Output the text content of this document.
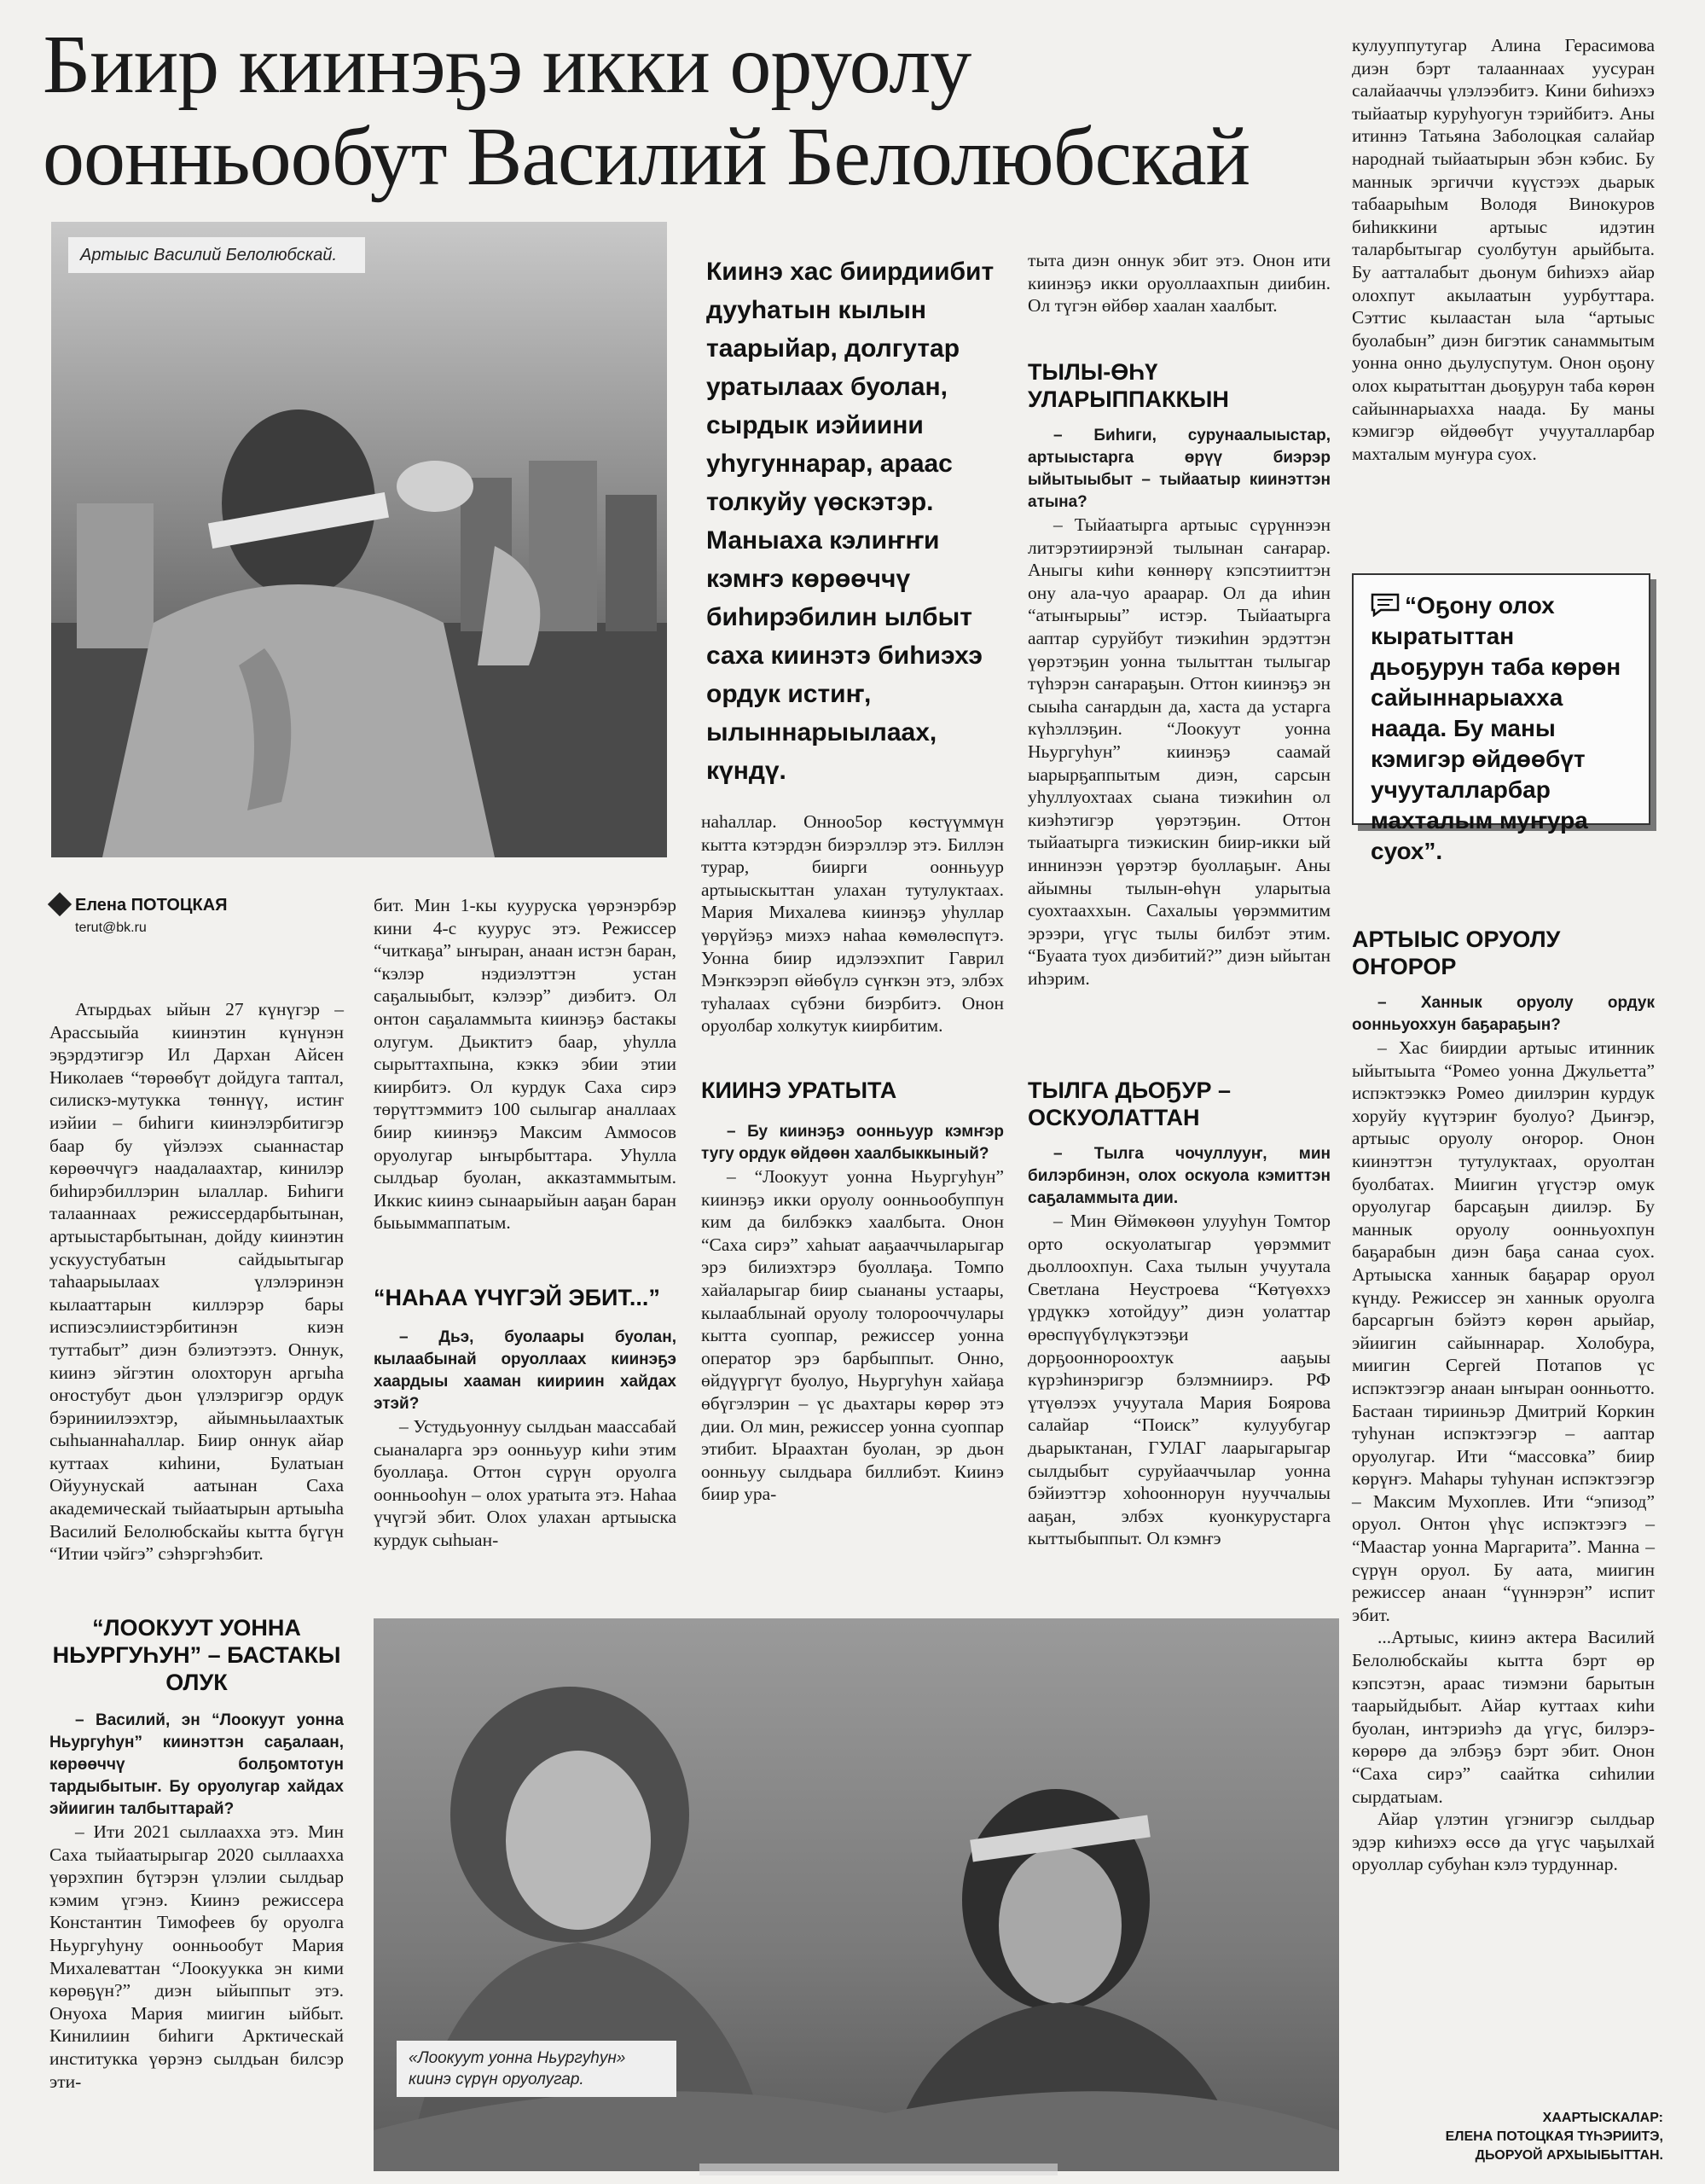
Биир киинэҕэ икки оруолу оонньообут Василий Белолюбскай
Артыыс Василий Белолюбскай.

Киинэ хас биирдиибит дууһатын кылын таарыйар, долгутар уратылаах буолан, сырдык иэйиини уһугуннарар, араас толкуйу үөскэтэр. Маныаха кэлиҥҥи кэмҥэ көрөөччү биһирэбилин ылбыт саха киинэтэ биһиэхэ ордук истиҥ, ылыннарыылаах, күндү.

Елена ПОТОЦКАЯ
terut@bk.ru

Атырдьах ыйын 27 күнүгэр – Арассыыйа киинэтин күнүнэн эҕэрдэтигэр Ил Дархан Айсен Николаев “төрөөбүт дойдуга таптал, силискэ-мутукка төннүү, истиҥ иэйии – биһиги киинэлэрбитигэр баар бу үйэлээх сыаннастар көрөөччүгэ наадалаахтар, кинилэр биһирэбиллэрин ылаллар. Биһиги талааннаах режиссердарбытынан, артыыстарбытынан, дойду киинэтин ускуустубатын сайдыытыгар таһаарыылаах үлэлэринэн кылааттарын киллэрэр бары испиэсэлиистэрбитинэн киэн туттабыт” диэн бэлиэтээтэ. Оннук, киинэ эйгэтин олохторун аргыһа оҥостубут дьон үлэлэригэр ордук бэриниилээхтэр, айымньылаахтык сыһыаннаһаллар. Биир оннук айар куттаах киһини, Булатыан Ойуунускай аатынан Саха академическай тыйаатырын артыыһа Василий Белолюбскайы кытта бүгүн “Итии чэйгэ” сэһэргэһэбит.

“ЛООКУУТ УОННА НЬУРГУҺУН” – БАСТАКЫ ОЛУК

– Василий, эн “Лоокуут уонна Ньургуһун” киинэттэн саҕалаан, көрөөччү болҕомтотун тардыбытыҥ. Бу оруолугар хайдах эйиигин талбыттарай?

– Ити 2021 сыллаахха этэ. Мин Саха тыйаатырыгар 2020 сыллаахха үөрэхпин бүтэрэн үлэлии сылдьар кэмим үгэнэ. Киинэ режиссера Константин Тимофеев бу оруолга Ньургуһуну оонньообут Мария Михалеваттан “Лоокуукка эн кими көрөҕүн?” диэн ыйыппыт этэ. Онуоха Мария миигин ыйбыт. Кинилиин биһиги Арктическай институкка үөрэнэ сылдьан билсэр эти-

бит. Мин 1-кы кууруска үөрэнэрбэр кини 4-с куурус этэ. Режиссер “читкаҕа” ыҥыран, анаан истэн баран, “кэлэр нэдиэлэттэн устан саҕалыыбыт, кэлээр” диэбитэ. Ол онтон саҕаламмыта киинэҕэ бастакы олугум. Дьиктитэ баар, уһулла сырыттахпына, кэккэ эбии этии киирбитэ. Ол курдук Саха сирэ төрүттэммитэ 100 сылыгар аналлаах биир киинэҕэ Максим Аммосов оруолугар ыҥырбыттара. Уһулла сылдьар буолан, акказтаммытым. Иккис киинэ сынаарыйын ааҕан баран быьыммаппатым.

“НАҺАА ҮЧҮГЭЙ ЭБИТ...”

– Дьэ, буолаары буолан, кылаабынай оруоллаах киинэҕэ хаардыы хааман киириин хайдах этэй?

– Устудьуоннуу сылдьан маассабай сыаналарга эрэ оонньуур киһи этим буоллаҕа. Оттон сүрүн оруолга оонньооһун – олох уратыта этэ. Наһаа үчүгэй эбит. Олох улахан артыыска курдук сыһыан-

наһаллар. Онноо5ор көстүүммүн кытта кэтэрдэн биэрэллэр этэ. Биллэн турар, биирги оонньуур артыыскыттан улахан тутулуктаах. Мария Михалева киинэҕэ уһуллар үөрүйэҕэ миэхэ наһаа көмөлөспүтэ. Уонна биир идэлээхпит Гаврил Мэҥкээрэп өйөбүлэ сүҥкэн этэ, элбэх туһалаах сүбэни биэрбитэ. Онон оруолбар холкутук киирбитим.

КИИНЭ УРАТЫТА

– Бу киинэҕэ оонньуур кэмҥэр тугу ордук өйдөөн хаалбыккыный?

– “Лоокуут уонна Ньургуһун” киинэҕэ икки оруолу оонньообуппун ким да билбэккэ хаалбыта. Онон “Саха сирэ” хаһыат ааҕааччыларыгар эрэ билиэхтэрэ буоллаҕа. Томпо хайаларыгар биир сыананы устаары, кылааблынай оруолу толорооччулары кытта суоппар, режиссер уонна оператор эрэ барбыппыт. Онно, өйдүүргүт буолуо, Ньургуһун хайаҕа өбүгэлэрин – үс дьахтары көрөр этэ дии. Ол мин, режиссер уонна суоппар этибит. Ыраахтан буолан, эр дьон оонньуу сылдьара биллибэт. Киинэ биир ура-

тыта диэн оннук эбит этэ. Онон ити киинэҕэ икки оруоллаахпын диибин. Ол түгэн өйбөр хаалан хаалбыт.

ТЫЛЫ-ӨҺҮ УЛАРЫППАККЫН

– Биһиги, сурунаалыыстар, артыыстарга өрүү биэрэр ыйытыыбыт – тыйаатыр киинэттэн атына?

– Тыйаатырга артыыс сүрүннээн литэрэтиирэнэй тылынан саҥарар. Аныгы киһи көннөрү кэпсэтииттэн ону ала-чуо араарар. Ол да иһин “атыҥырыы” истэр. Тыйаатырга ааптар суруйбут тиэкиһин эрдэттэн үөрэтэҕин уонна тылыттан тылыгар түһэрэн саҥараҕын. Оттон киинэҕэ эн сыыһа саҥардын да, хаста да устарга күһэллэҕин. “Лоокуут уонна Ньургуһун” киинэҕэ саамай ыарырҕаппытым диэн, сарсын уһуллуохтаах сыана тиэкиһин ол киэһэтигэр үөрэтэҕин. Оттон тыйаатырга тиэкискин биир-икки ый иннинээн үөрэтэр буоллаҕыҥ. Аны айымны тылын-өһүн уларытыа суохтааххын. Сахалыы үөрэммитим эрээри, үгүс тылы билбэт этим. “Буаата туох диэбитий?” диэн ыйытан иһэрим.

ТЫЛГА ДЬОҔУР – ОСКУОЛАТТАН

– Тылга чочуллууҥ, мин билэрбинэн, олох оскуола кэмиттэн саҕаламмыта дии.

– Мин Өймөкөөн улууһун Томтор орто оскуолатыгар үөрэммит дьоллоохпун. Саха тылын учуутала Светлана Неустроева “Көтүөххэ үрдүккэ хотойдуу” диэн уолаттар өрөспүүбүлүкэтээҕи дорҕооннороохтук ааҕыы күрэһинэригэр бэлэмниирэ. РФ үтүөлээх учуутала Мария Боярова салайар “Поиск” кулуубугар дьарыктанан, ГУЛАГ лаарыгарыгар сылдыбыт суруйааччылар уонна бэйиэттэр хоһооннорун нууччалыы ааҕан, элбэх куонкурустарга кыттыбыппыт. Ол кэмҥэ

кулууппутугар Алина Герасимова диэн бэрт талааннаах уусуран салайааччы үлэлээбитэ. Кини биһиэхэ тыйаатыр куруһуогун тэрийбитэ. Аны итиннэ Татьяна Заболоцкая салайар народнай тыйаатырын эбэн кэбис. Бу маннык эргиччи күүстээх дьарык табаарыһым Володя Винокуров биһиккини артыыс идэтин таларбытыгар суолбутун арыйбыта. Бу аатталабыт дьонум биһиэхэ айар олохпут акылаатын уурбуттара. Сэттис кылаастан ыла “артыыс буолабын” диэн бигэтик санаммытым уонна онно дьулуспутум. Онон оҕону олох кыратыттан дьоҕурун таба көрөн сайыннарыахха наада. Бу маны кэмигэр өйдөөбүт учууталларбар махталым муҥура суох.

“Оҕону олох кыратыттан дьоҕурун таба көрөн сайыннарыахха наада. Бу маны кэмигэр өйдөөбүт учууталларбар махталым муҥура суох”.
АРТЫЫС ОРУОЛУ ОҤОРОР

– Ханнык оруолу ордук оонньуоххун баҕараҕын?

– Хас биирдии артыыс итинник ыйытыыта “Ромео уонна Джульетта” испэктээккэ Ромео диилэрин курдук хоруйу күүтэриҥ буолуо? Дьиҥэр, артыыс оруолу оҥорор. Онон киинэттэн тутулуктаах, оруолтан буолбатах. Миигин үгүстэр омук оруолугар барсаҕын диилэр. Бу маннык оруолу оонньуохпун баҕарабын диэн баҕа санаа суох. Артыыска ханнык баҕарар оруол күнду. Режиссер эн ханнык оруолга барсаргын бэйэтэ көрөн арыйар, эйиигин сайыннарар. Холобура, миигин Сергей Потапов үс испэктээгэр анаан ыҥыран оонньотто. Бастаан тирииньэр Дмитрий Коркин туһунан испэктээгэр – ааптар оруолугар. Ити “массовка” биир көрүҥэ. Маһары туһунан испэктээгэр – Максим Мухоплев. Ити “эпизод” оруол. Онтон үһүс испэктээгэ – “Маастар уонна Маргарита”. Манна – сүрүн оруол. Бу аата, миигин режиссер анаан “үүннэрэн” испит эбит.

...Артыыс, киинэ актера Василий Белолюбскайы кытта бэрт өр кэпсэтэн, араас тиэмэни барытын таарыйдыбыт. Айар куттаах киһи буолан, интэриэһэ да үгүс, билэрэ-көрөрө да элбэҕэ бэрт эбит. Онон “Саха сирэ” саайтка сиһилии сырдатыам.

Айар үлэтин үгэнигэр сылдьар эдэр киһиэхэ өссө да үгүс чаҕылхай оруоллар субуһан кэлэ турдуннар.

«Лоокуут уонна Ньургуһун» киинэ сүрүн оруолугар.
ХААРТЫСКАЛАР:
ЕЛЕНА ПОТОЦКАЯ ТҮҺЭРИИТЭ,
ДЬОРУОЙ АРХЫЫБЫТТАН.
